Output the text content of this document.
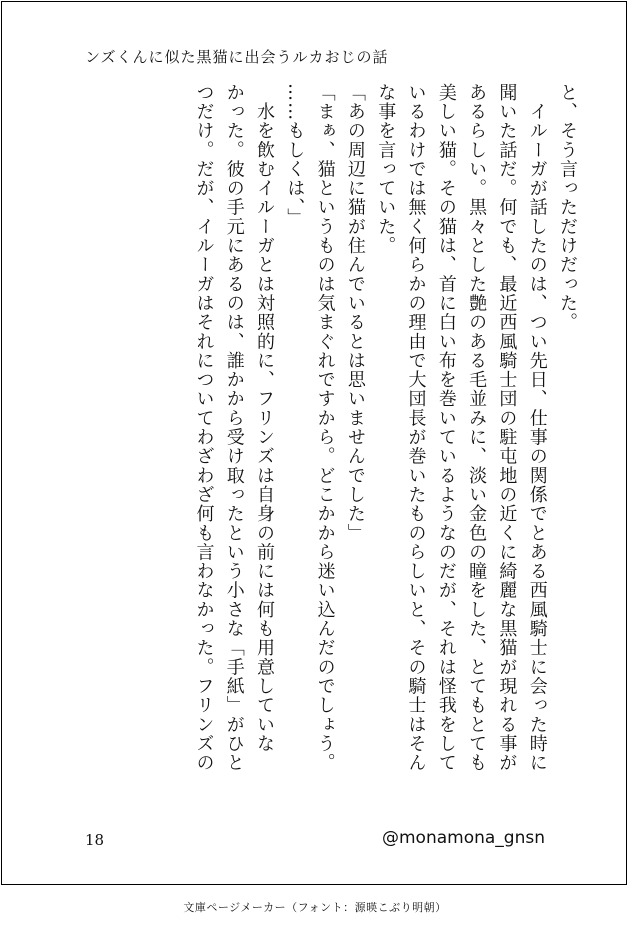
ンズくんに似た黒猫に出会うルカおじの話
と、そう言っただけだった。
　イルーガが話したのは、つい先日、仕事の関係でとある西風騎士に会った時に
聞いた話だ。何でも、最近西風騎士団の駐屯地の近くに綺麗な黒猫が現れる事が
あるらしい。黒々とした艶のある毛並みに、淡い金色の瞳をした、とてもとても
美しい猫。その猫は、首に白い布を巻いているようなのだが、それは怪我をして
いるわけでは無く何らかの理由で大団長が巻いたものらしいと、その騎士はそん
な事を言っていた。
「あの周辺に猫が住んでいるとは思いませんでした」
「まぁ、猫というものは気まぐれですから。どこかから迷い込んだのでしょう。
……もしくは、」
　水を飲むイルーガとは対照的に、フリンズは自身の前には何も用意していな
かった。彼の手元にあるのは、誰かから受け取ったという小さな「手紙」がひと
つだけ。だが、イルーガはそれについてわざわざ何も言わなかった。フリンズの
18	@monamona_gnsn
文庫ページメーカー（フォント：源暎こぶり明朝）
